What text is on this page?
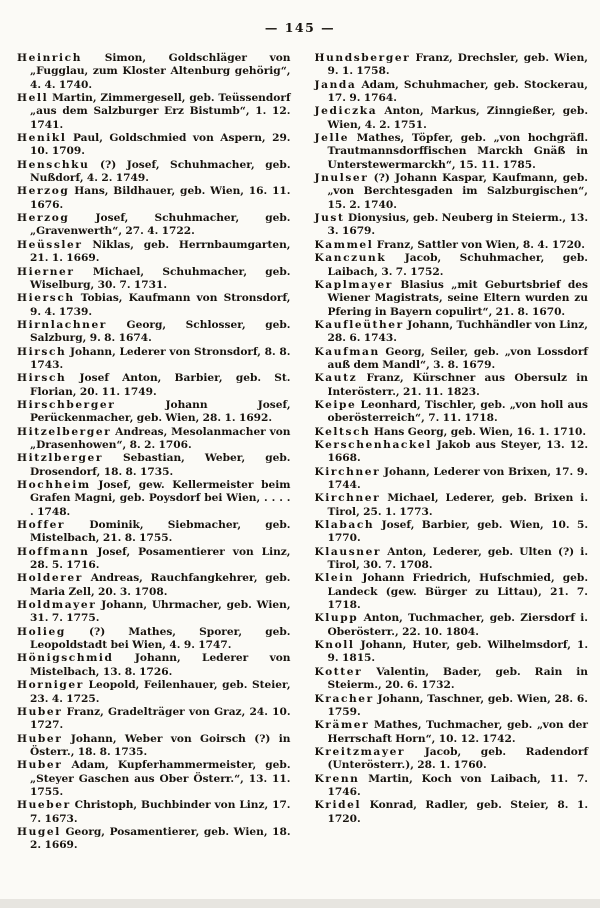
— 145 —

Heinrich Simon, Goldschläger von „Fugglau, zum Kloster Altenburg gehörig“, 4. 4. 1740.

Hell Martin, Zimmergesell, geb. Teüssendorf „aus dem Salzburger Erz Bistumb“, 1. 12. 1741.

Henikl Paul, Goldschmied von Aspern, 29. 10. 1709.

Henschku (?) Josef, Schuhmacher, geb. Nußdorf, 4. 2. 1749.

Herzog Hans, Bildhauer, geb. Wien, 16. 11. 1676.

Herzog Josef, Schuhmacher, geb. „Gravenwerth“, 27. 4. 1722.

Heüssler Niklas, geb. Herrnbaumgarten, 21. 1. 1669.

Hierner Michael, Schuhmacher, geb. Wiselburg, 30. 7. 1731.

Hiersch Tobias, Kaufmann von Stronsdorf, 9. 4. 1739.

Hirnlachner Georg, Schlosser, geb. Salzburg, 9. 8. 1674.

Hirsch Johann, Lederer von Stronsdorf, 8. 8. 1743.

Hirsch Josef Anton, Barbier, geb. St. Florian, 20. 11. 1749.

Hirschberger	Johann Josef, Perückenmacher, geb. Wien, 28. 1. 1692.

Hitzelberger Andreas, Mesolanmacher von „Drasenhowen“, 8. 2. 1706.

Hitzlberger Sebastian, Weber, geb. Drosendorf, 18. 8. 1735.

Hochheim Josef, gew. Kellermeister beim Grafen Magni, geb. Poysdorf bei Wien, . . . . . 1748.

Hoffer Dominik, Siebmacher, geb. Mistelbach, 21. 8. 1755.

Hoffmann Josef, Posamentierer von Linz, 28. 5. 1716.

Holderer Andreas, Rauchfangkehrer, geb. Maria Zell, 20. 3. 1708.

Holdmayer Johann, Uhrmacher, geb. Wien, 31. 7. 1775.

Holieg (?) Mathes, Sporer, geb. Leopoldstadt bei Wien, 4. 9. 1747.

Hönigschmid Johann, Lederer von Mistelbach, 13. 8. 1726.

Horniger Leopold, Feilenhauer, geb. Steier, 23. 4. 1725.

Huber Franz, Gradelträger von Graz, 24. 10. 1727.

Huber Johann, Weber von Goirsch (?) in Österr., 18. 8. 1735.

Huber Adam, Kupferhammermeister, geb. „Steyer Gaschen aus Ober Österr.“, 13. 11. 1755.

Hueber Christoph, Buchbinder von Linz, 17. 7. 1673.

Hugel Georg, Posamentierer, geb. Wien, 18. 2. 1669.

Hundsberger Franz, Drechsler, geb. Wien, 9. 1. 1758.

Janda Adam, Schuhmacher, geb. Stockerau, 17. 9. 1764.

Jediczka Anton, Markus, Zinngießer, geb. Wien, 4. 2. 1751.

Jelle Mathes, Töpfer, geb. „von hochgräfl. Trautmannsdorffischen Marckh Gnäß in Unterstewermarckh“, 15. 11. 1785.

Jnulser (?) Johann Kaspar, Kaufmann, geb. „von Berchtesgaden im Salzburgischen“, 15. 2. 1740.

Just Dionysius, geb. Neuberg in Steierm., 13. 3. 1679.

Kammel Franz, Sattler von Wien, 8. 4. 1720.

Kanczunk Jacob, Schuhmacher, geb. Laibach, 3. 7. 1752.

Kaplmayer Blasius „mit Geburtsbrief des Wiener Magistrats, seine Eltern wurden zu Pfering in Bayern copulirt“, 21. 8. 1670.

Kaufleüther Johann, Tuchhändler von Linz, 28. 6. 1743.

Kaufman Georg, Seiler, geb. „von Lossdorf auß dem Mandl“, 3. 8. 1679.

Kautz Franz, Kürschner aus Obersulz in Interösterr., 21. 11. 1823.

Keipe Leonhard, Tischler, geb. „von holl aus oberösterreich“, 7. 11. 1718.

Keltsch Hans Georg, geb. Wien, 16. 1. 1710.

Kerschenhackel Jakob aus Steyer, 13. 12. 1668.

Kirchner Johann, Lederer von Brixen, 17. 9. 1744.

Kirchner Michael, Lederer, geb. Brixen i. Tirol, 25. 1. 1773.

Klabach Josef, Barbier, geb. Wien, 10. 5. 1770.

Klausner Anton, Lederer, geb. Ulten (?) i. Tirol, 30. 7. 1708.

Klein Johann Friedrich, Hufschmied, geb. Landeck (gew. Bürger zu Littau), 21. 7. 1718.

Klupp Anton, Tuchmacher, geb. Ziersdorf i. Oberösterr., 22. 10. 1804.

Knoll Johann, Huter, geb. Wilhelmsdorf, 1. 9. 1815.

Kotter Valentin, Bader, geb. Rain in Steierm., 20. 6. 1732.

Kracher Johann, Taschner, geb. Wien, 28. 6. 1759.

Krämer Mathes, Tuchmacher, geb. „von der Herrschaft Horn“, 10. 12. 1742.

Kreitzmayer Jacob, geb. Radendorf (Unterösterr.), 28. 1. 1760.

Krenn Martin, Koch von Laibach, 11. 7. 1746.

Kridel Konrad, Radler, geb. Steier, 8. 1. 1720.
